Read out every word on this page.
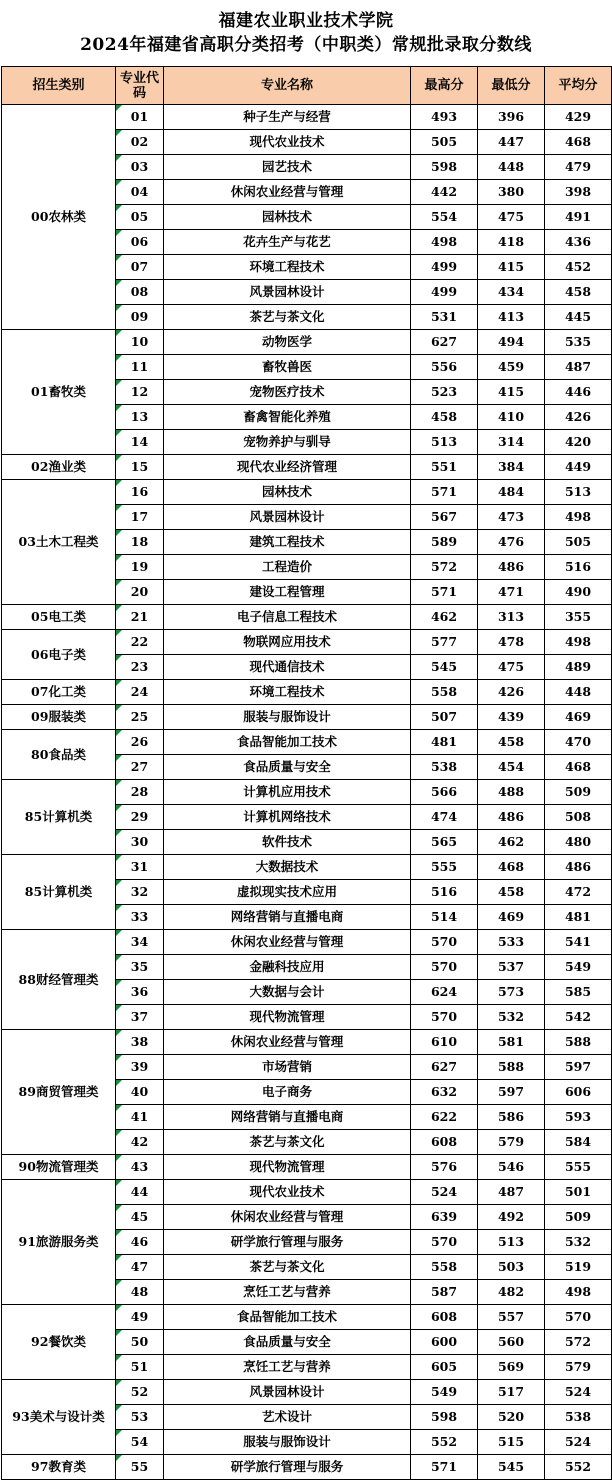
福建农业职业技术学院
2024年福建省高职分类招考（中职类）常规批录取分数线
招生类别	专业代码	专业名称	最高分	最低分	平均分
00农林类	01	种子生产与经营	493	396	429
	02	现代农业技术	505	447	468
	03	园艺技术	598	448	479
	04	休闲农业经营与管理	442	380	398
	05	园林技术	554	475	491
	06	花卉生产与花艺	498	418	436
	07	环境工程技术	499	415	452
	08	风景园林设计	499	434	458
	09	茶艺与茶文化	531	413	445
01畜牧类	10	动物医学	627	494	535
	11	畜牧兽医	556	459	487
	12	宠物医疗技术	523	415	446
	13	畜禽智能化养殖	458	410	426
	14	宠物养护与驯导	513	314	420
02渔业类	15	现代农业经济管理	551	384	449
03土木工程类	16	园林技术	571	484	513
	17	风景园林设计	567	473	498
	18	建筑工程技术	589	476	505
	19	工程造价	572	486	516
	20	建设工程管理	571	471	490
05电工类	21	电子信息工程技术	462	313	355
06电子类	22	物联网应用技术	577	478	498
	23	现代通信技术	545	475	489
07化工类	24	环境工程技术	558	426	448
09服装类	25	服装与服饰设计	507	439	469
80食品类	26	食品智能加工技术	481	458	470
	27	食品质量与安全	538	454	468
85计算机类	28	计算机应用技术	566	488	509
	29	计算机网络技术	474	486	508
	30	软件技术	565	462	480
85计算机类	31	大数据技术	555	468	486
	32	虚拟现实技术应用	516	458	472
	33	网络营销与直播电商	514	469	481
88财经管理类	34	休闲农业经营与管理	570	533	541
	35	金融科技应用	570	537	549
	36	大数据与会计	624	573	585
	37	现代物流管理	570	532	542
89商贸管理类	38	休闲农业经营与管理	610	581	588
	39	市场营销	627	588	597
	40	电子商务	632	597	606
	41	网络营销与直播电商	622	586	593
	42	茶艺与茶文化	608	579	584
90物流管理类	43	现代物流管理	576	546	555
91旅游服务类	44	现代农业技术	524	487	501
	45	休闲农业经营与管理	639	492	509
	46	研学旅行管理与服务	570	513	532
	47	茶艺与茶文化	558	503	519
	48	烹饪工艺与营养	587	482	498
92餐饮类	49	食品智能加工技术	608	557	570
	50	食品质量与安全	600	560	572
	51	烹饪工艺与营养	605	569	579
93美术与设计类	52	风景园林设计	549	517	524
	53	艺术设计	598	520	538
	54	服装与服饰设计	552	515	524
97教育类	55	研学旅行管理与服务	571	545	552
